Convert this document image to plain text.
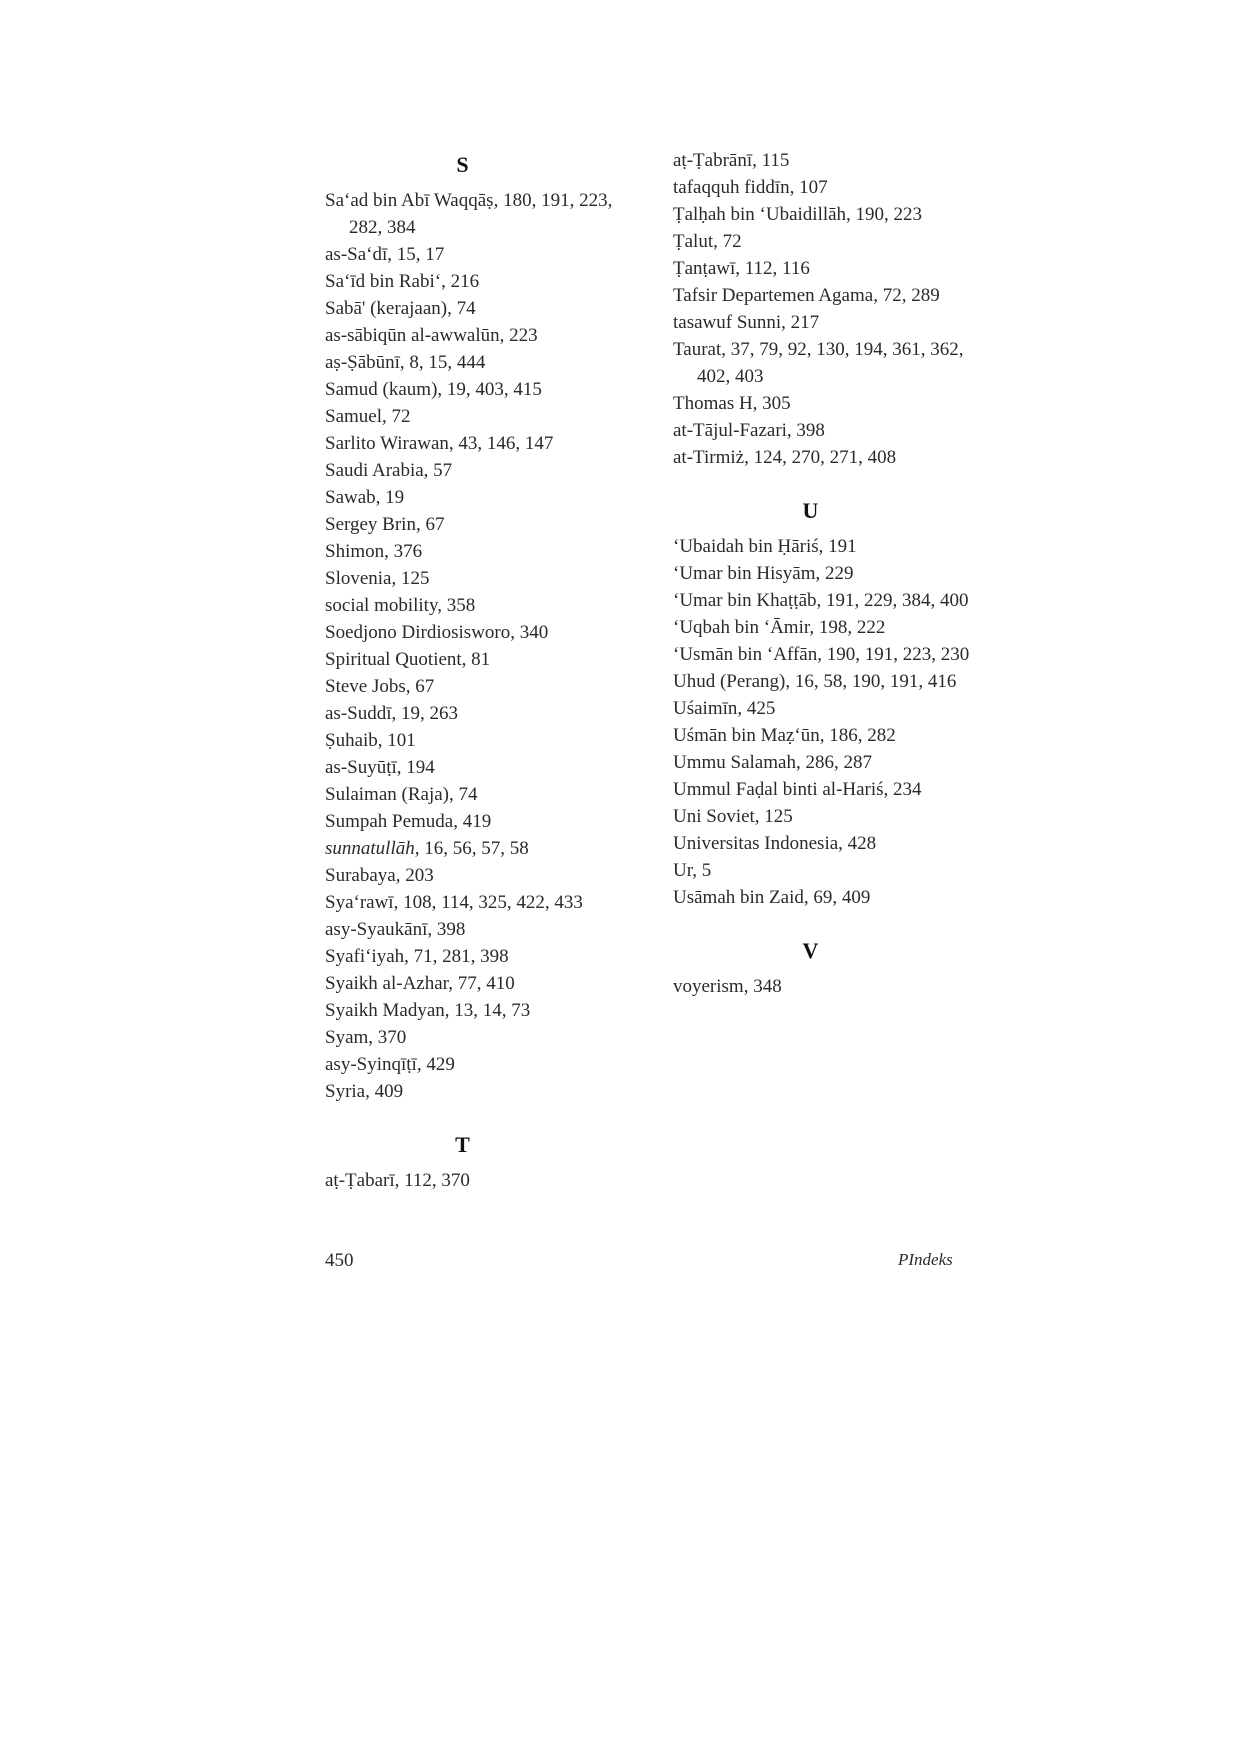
S
Sa‘ad bin Abī Waqqāṣ, 180, 191, 223, 282, 384
as-Sa‘dī, 15, 17
Sa‘īd bin Rabi‘, 216
Sabā' (kerajaan), 74
as-sābiqūn al-awwalūn, 223
aṣ-Ṣābūnī, 8, 15, 444
Samud (kaum), 19, 403, 415
Samuel, 72
Sarlito Wirawan, 43, 146, 147
Saudi Arabia, 57
Sawab, 19
Sergey Brin, 67
Shimon, 376
Slovenia, 125
social mobility, 358
Soedjono Dirdiosisworo, 340
Spiritual Quotient, 81
Steve Jobs, 67
as-Suddī, 19, 263
Ṣuhaib, 101
as-Suyūṭī, 194
Sulaiman (Raja), 74
Sumpah Pemuda, 419
sunnatullāh, 16, 56, 57, 58
Surabaya, 203
Sya‘rawī, 108, 114, 325, 422, 433
asy-Syaukānī, 398
Syafi‘iyah, 71, 281, 398
Syaikh al-Azhar, 77, 410
Syaikh Madyan, 13, 14, 73
Syam, 370
asy-Syinqīṭī, 429
Syria, 409
T
aṭ-Ṭabarī, 112, 370
aṭ-Ṭabrānī, 115
tafaqquh fiddīn, 107
Ṭalḥah bin ‘Ubaidillāh, 190, 223
Ṭalut, 72
Ṭanṭawī, 112, 116
Tafsir Departemen Agama, 72, 289
tasawuf Sunni, 217
Taurat, 37, 79, 92, 130, 194, 361, 362, 402, 403
Thomas H, 305
at-Tājul-Fazari, 398
at-Tirmiż, 124, 270, 271, 408
U
‘Ubaidah bin Ḥāriś, 191
‘Umar bin Hisyām, 229
‘Umar bin Khaṭṭāb, 191, 229, 384, 400
‘Uqbah bin ‘Āmir, 198, 222
‘Usmān bin ‘Affān, 190, 191, 223, 230
Uhud (Perang), 16, 58, 190, 191, 416
Uśaimīn, 425
Uśmān bin Maẓ‘ūn, 186, 282
Ummu Salamah, 286, 287
Ummul Faḍal binti al-Hariś, 234
Uni Soviet, 125
Universitas Indonesia, 428
Ur, 5
Usāmah bin Zaid, 69, 409
V
voyerism, 348
450	PIndeks
